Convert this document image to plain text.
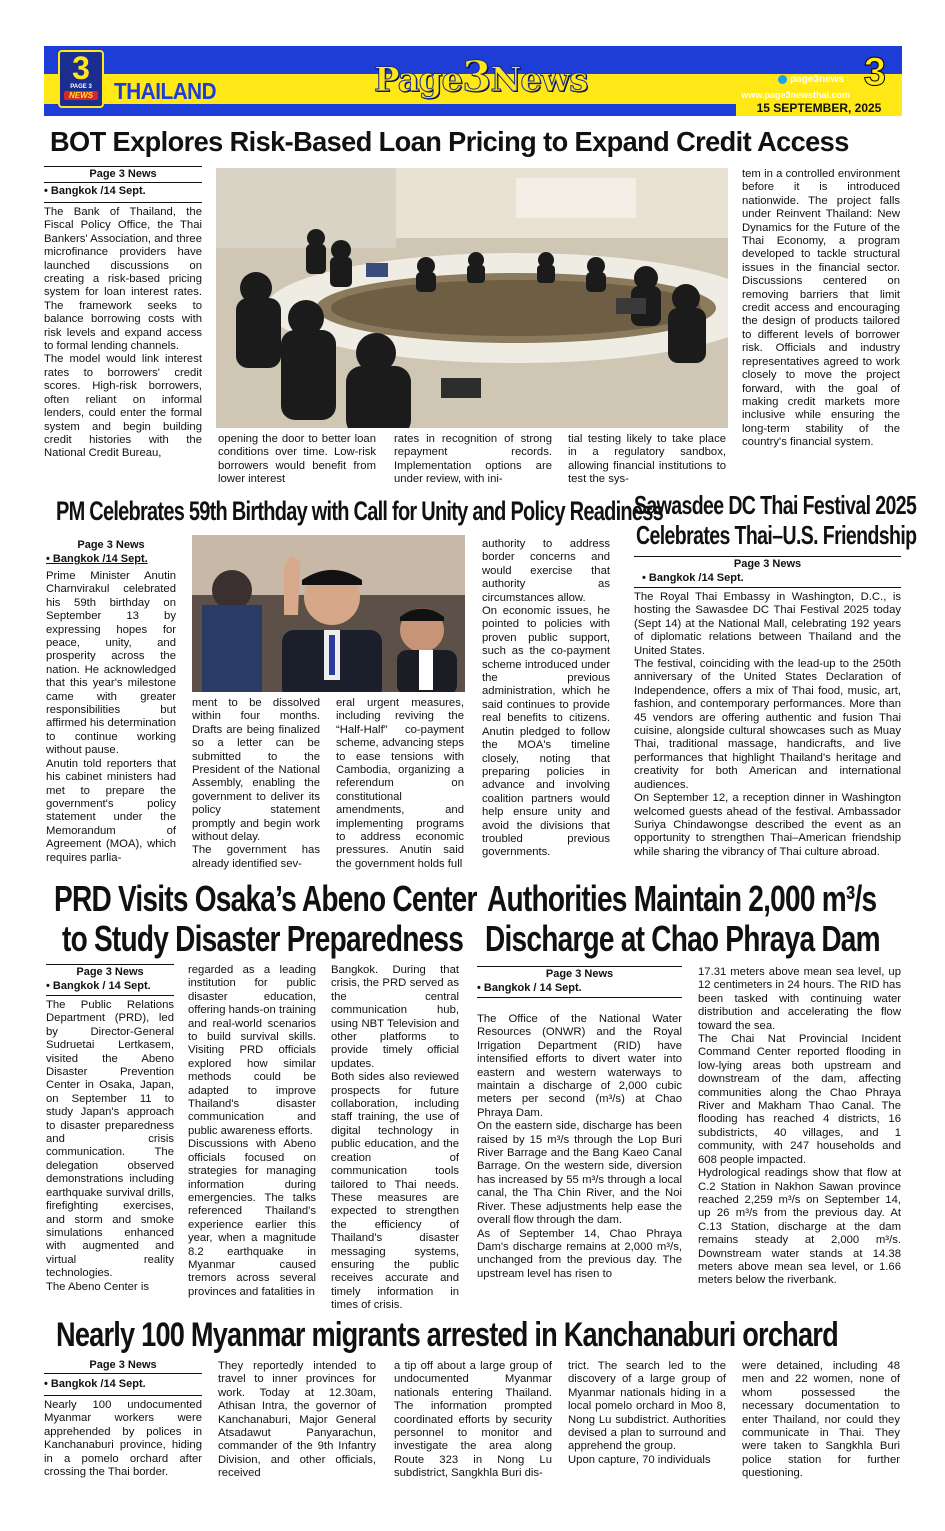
3
PAGE 3
NEWS THAILAND	Page3News	page3news
www.page3newsthai.com
3
15 SEPTEMBER, 2025
BOT Explores Risk-Based Loan Pricing to Expand Credit Access
Page 3 News
• Bangkok /14 Sept.

The Bank of Thailand, the Fiscal Policy Office, the Thai Bankers' Association, and three microfinance providers have launched discussions on creating a risk-based pricing system for loan interest rates. The framework seeks to balance borrowing costs with risk levels and expand access to formal lending channels.

The model would link interest rates to borrowers' credit scores. High-risk borrowers, often reliant on informal lenders, could enter the formal system and begin building credit histories with the National Credit Bureau,

opening the door to better loan conditions over time. Low-risk borrowers would benefit from lower interest

rates in recognition of strong repayment records. Implementation options are under review, with ini-

tial testing likely to take place in a regulatory sandbox, allowing financial institutions to test the sys-

tem in a controlled environment before it is introduced nationwide. The project falls under Reinvent Thailand: New Dynamics for the Future of the Thai Economy, a program developed to tackle structural issues in the financial sector. Discussions centered on removing barriers that limit credit access and encouraging the design of products tailored to different levels of borrower risk. Officials and industry representatives agreed to work closely to move the project forward, with the goal of making credit markets more inclusive while ensuring the long-term stability of the country's financial system.

PM Celebrates 59th Birthday with Call for Unity and Policy Readiness
Page 3 News
• Bangkok /14 Sept.

Prime Minister Anutin Charnvirakul celebrated his 59th birthday on September 13 by expressing hopes for peace, unity, and prosperity across the nation. He acknowledged that this year's milestone came with greater responsibilities but affirmed his determination to continue working without pause.

Anutin told reporters that his cabinet ministers had met to prepare the government's policy statement under the Memorandum of Agreement (MOA), which requires parlia-

ment to be dissolved within four months. Drafts are being finalized so a letter can be submitted to the President of the National Assembly, enabling the government to deliver its policy statement promptly and begin work without delay.

The government has already identified sev-

eral urgent measures, including reviving the “Half-Half” co-payment scheme, advancing steps to ease tensions with Cambodia, organizing a referendum on constitutional amendments, and implementing programs to address economic pressures. Anutin said the government holds full

authority to address border concerns and would exercise that authority as circumstances allow.

On economic issues, he pointed to policies with proven public support, such as the co-payment scheme introduced under the previous administration, which he said continues to provide real benefits to citizens. Anutin pledged to follow the MOA's timeline closely, noting that preparing policies in advance and involving coalition partners would help ensure unity and avoid the divisions that troubled previous governments.

Sawasdee DC Thai Festival 2025
Celebrates Thai–U.S. Friendship
Page 3 News
• Bangkok /14 Sept.

The Royal Thai Embassy in Washington, D.C., is hosting the Sawasdee DC Thai Festival 2025 today (Sept 14) at the National Mall, celebrating 192 years of diplomatic relations between Thailand and the United States.

The festival, coinciding with the lead-up to the 250th anniversary of the United States Declaration of Independence, offers a mix of Thai food, music, art, fashion, and contemporary performances. More than 45 vendors are offering authentic and fusion Thai cuisine, alongside cultural showcases such as Muay Thai, traditional massage, handicrafts, and live performances that highlight Thailand's heritage and creativity for both American and international audiences.

On September 12, a reception dinner in Washington welcomed guests ahead of the festival. Ambassador Suriya Chindawongse described the event as an opportunity to strengthen Thai–American friendship while sharing the vibrancy of Thai culture abroad.

PRD Visits Osaka’s Abeno Center
to Study Disaster Preparedness
Page 3 News
• Bangkok / 14 Sept.

The Public Relations Department (PRD), led by Director-General Sudruetai Lertkasem, visited the Abeno Disaster Prevention Center in Osaka, Japan, on September 11 to study Japan's approach to disaster preparedness and crisis communication. The delegation observed demonstrations including earthquake survival drills, firefighting exercises, and storm and smoke simulations enhanced with augmented and virtual reality technologies.

The Abeno Center is

regarded as a leading institution for public disaster education, offering hands-on training and real-world scenarios to build survival skills. Visiting PRD officials explored how similar methods could be adapted to improve Thailand's disaster communication and public awareness efforts.

Discussions with Abeno officials focused on strategies for managing information during emergencies. The talks referenced Thailand's experience earlier this year, when a magnitude 8.2 earthquake in Myanmar caused tremors across several provinces and fatalities in

Bangkok. During that crisis, the PRD served as the central communication hub, using NBT Television and other platforms to provide timely official updates.

Both sides also reviewed prospects for future collaboration, including staff training, the use of digital technology in public education, and the creation of communication tools tailored to Thai needs. These measures are expected to strengthen the efficiency of Thailand's disaster messaging systems, ensuring the public receives accurate and timely information in times of crisis.

Authorities Maintain 2,000 m³/s
Discharge at Chao Phraya Dam
Page 3 News
• Bangkok / 14 Sept.

The Office of the National Water Resources (ONWR) and the Royal Irrigation Department (RID) have intensified efforts to divert water into eastern and western waterways to maintain a discharge of 2,000 cubic meters per second (m³/s) at Chao Phraya Dam.

On the eastern side, discharge has been raised by 15 m³/s through the Lop Buri River Barrage and the Bang Kaeo Canal Barrage. On the western side, diversion has increased by 55 m³/s through a local canal, the Tha Chin River, and the Noi River. These adjustments help ease the overall flow through the dam.

As of September 14, Chao Phraya Dam's discharge remains at 2,000 m³/s, unchanged from the previous day. The upstream level has risen to

17.31 meters above mean sea level, up 12 centimeters in 24 hours. The RID has been tasked with continuing water distribution and accelerating the flow toward the sea.

The Chai Nat Provincial Incident Command Center reported flooding in low-lying areas both upstream and downstream of the dam, affecting communities along the Chao Phraya River and Makham Thao Canal. The flooding has reached 4 districts, 16 subdistricts, 40 villages, and 1 community, with 247 households and 608 people impacted.

Hydrological readings show that flow at C.2 Station in Nakhon Sawan province reached 2,259 m³/s on September 14, up 26 m³/s from the previous day. At C.13 Station, discharge at the dam remains steady at 2,000 m³/s. Downstream water stands at 14.38 meters above mean sea level, or 1.66 meters below the riverbank.

Nearly 100 Myanmar migrants arrested in Kanchanaburi orchard
Page 3 News
• Bangkok /14 Sept.

Nearly 100 undocumented Myanmar workers were apprehended by polices in Kanchanaburi province, hiding in a pomelo orchard after crossing the Thai border.

They reportedly intended to travel to inner provinces for work. Today at 12.30am, Athisan Intra, the governor of Kanchanaburi, Major General Atsadawut Panyarachun, commander of the 9th Infantry Division, and other officials, received

a tip off about a large group of undocumented Myanmar nationals entering Thailand. The information prompted coordinated efforts by security personnel to monitor and investigate the area along Route 323 in Nong Lu subdistrict, Sangkhla Buri dis-

trict. The search led to the discovery of a large group of Myanmar nationals hiding in a local pomelo orchard in Moo 8, Nong Lu subdistrict. Authorities devised a plan to surround and apprehend the group.

Upon capture, 70 individuals

were detained, including 48 men and 22 women, none of whom possessed the necessary documentation to enter Thailand, nor could they communicate in Thai. They were taken to Sangkhla Buri police station for further questioning.
